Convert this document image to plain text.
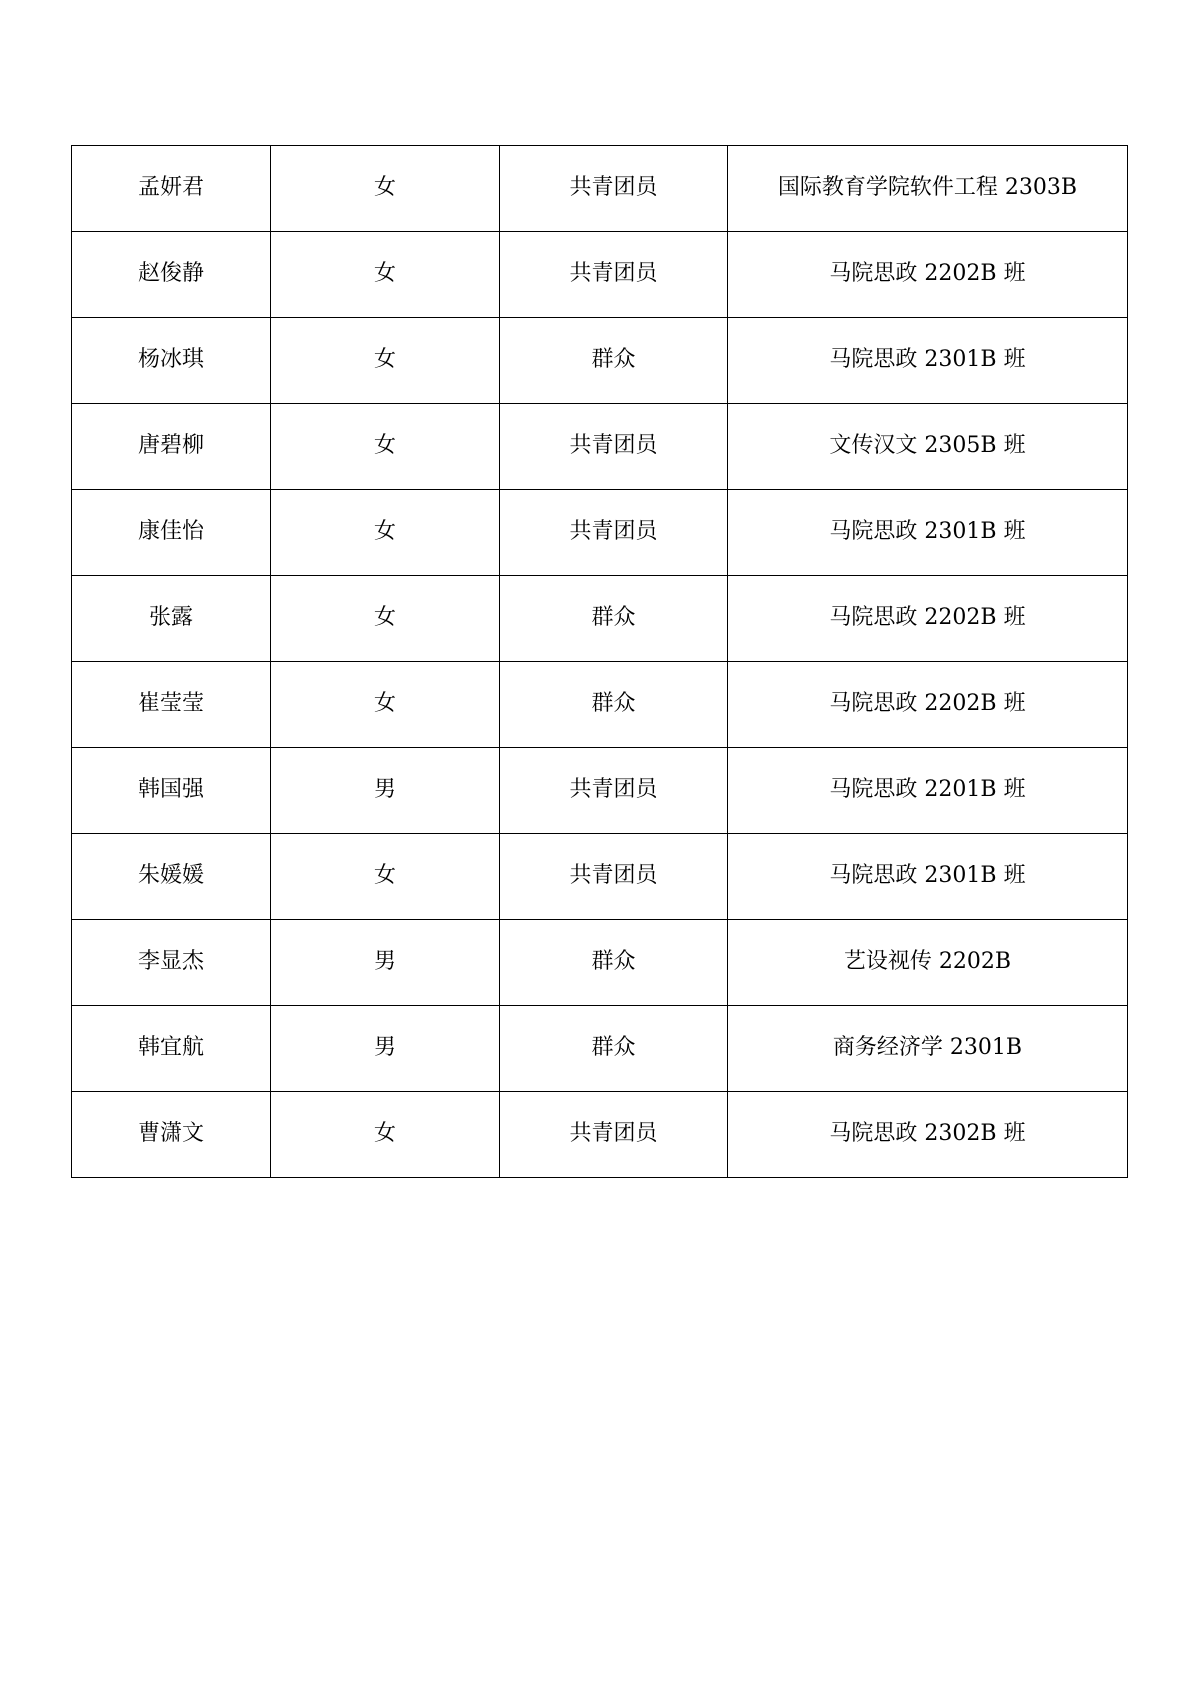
孟妍君	女	共青团员	国际教育学院软件工程 2303B
赵俊静	女	共青团员	马院思政 2202B 班
杨冰琪	女	群众	马院思政 2301B 班
唐碧柳	女	共青团员	文传汉文 2305B 班
康佳怡	女	共青团员	马院思政 2301B 班
张露	女	群众	马院思政 2202B 班
崔莹莹	女	群众	马院思政 2202B 班
韩国强	男	共青团员	马院思政 2201B 班
朱媛媛	女	共青团员	马院思政 2301B 班
李显杰	男	群众	艺设视传 2202B
韩宜航	男	群众	商务经济学 2301B
曹潇文	女	共青团员	马院思政 2302B 班
